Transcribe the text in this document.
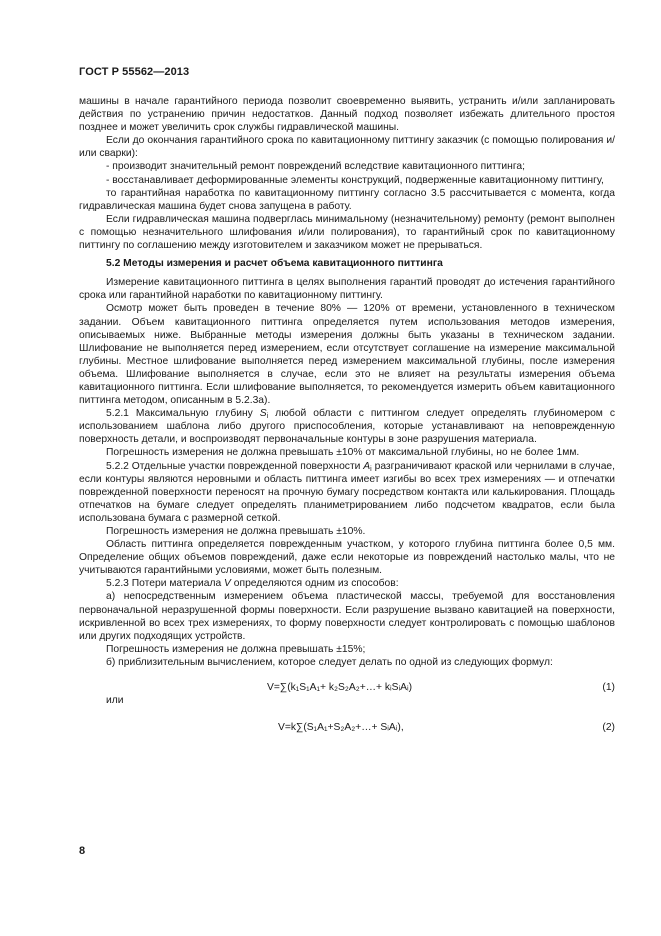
ГОСТ Р 55562—2013

машины в начале гарантийного периода позволит своевременно выявить, устранить и/или запланировать действия по устранению причин недостатков. Данный подход позволяет избежать длительного простоя позднее и может увеличить срок службы гидравлической машины.

Если до окончания гарантийного срока по кавитационному питтингу заказчик (с помощью полирования и/или сварки):

- производит значительный ремонт повреждений вследствие кавитационного питтинга;

- восстанавливает деформированные элементы конструкций, подверженные кавитационному питтингу,

то гарантийная наработка по кавитационному питтингу согласно 3.5 рассчитывается с момента, когда гидравлическая машина будет снова запущена в работу.

Если гидравлическая машина подверглась минимальному (незначительному) ремонту (ремонт выполнен с помощью незначительного шлифования и/или полирования), то гарантийный срок по кавитационному питтингу по соглашению между изготовителем и заказчиком может не прерываться.

5.2 Методы измерения и расчет объема кавитационного питтинга

Измерение кавитационного питтинга в целях выполнения гарантий проводят до истечения гарантийного срока или гарантийной наработки по кавитационному питтингу.

Осмотр может быть проведен в течение 80% — 120% от времени, установленного в техническом задании. Объем кавитационного питтинга определяется путем использования методов измерения, описываемых ниже. Выбранные методы измерения должны быть указаны в техническом задании. Шлифование не выполняется перед измерением, если отсутствует соглашение на измерение максимальной глубины. Местное шлифование выполняется перед измерением максимальной глубины, после измерения объема. Шлифование выполняется в случае, если это не влияет на результаты измерения объема кавитационного питтинга. Если шлифование выполняется, то рекомендуется измерить объем кавитационного питтинга методом, описанным в 5.2.3а).

5.2.1 Максимальную глубину $S_i$ любой области с питтингом следует определять глубиномером с использованием шаблона либо другого приспособления, которые устанавливают на неповрежденную поверхность детали, и воспроизводят первоначальные контуры в зоне разрушения материала.

Погрешность измерения не должна превышать ±10% от максимальной глубины, но не более 1мм.

5.2.2 Отдельные участки поврежденной поверхности $A_i$ разграничивают краской или чернилами в случае, если контуры являются неровными и область питтинга имеет изгибы во всех трех измерениях — и отпечатки поврежденной поверхности переносят на прочную бумагу посредством контакта или калькирования. Площадь отпечатков на бумаге следует определять планиметрированием либо подсчетом квадратов, если была использована бумага с размерной сеткой.

Погрешность измерения не должна превышать ±10%.

Область питтинга определяется поврежденным участком, у которого глубина питтинга более 0,5 мм. Определение общих объемов повреждений, даже если некоторые из повреждений настолько малы, что не учитываются гарантийными условиями, может быть полезным.

5.2.3 Потери материала V определяются одним из способов:

а) непосредственным измерением объема пластической массы, требуемой для восстановления первоначальной неразрушенной формы поверхности. Если разрушение вызвано кавитацией на поверхности, искривленной во всех трех измерениях, то форму поверхности следует контролировать с помощью шаблонов или других подходящих устройств.

Погрешность измерения не должна превышать ±15%;

б) приблизительным вычислением, которое следует делать по одной из следующих формул:

V=∑(k₁S₁A₁+ k₂S₂A₂+…+ kᵢSᵢAᵢ)	(1)

или

V=k∑(S₁A₁+S₂A₂+…+ SᵢAᵢ),	(2)
8
